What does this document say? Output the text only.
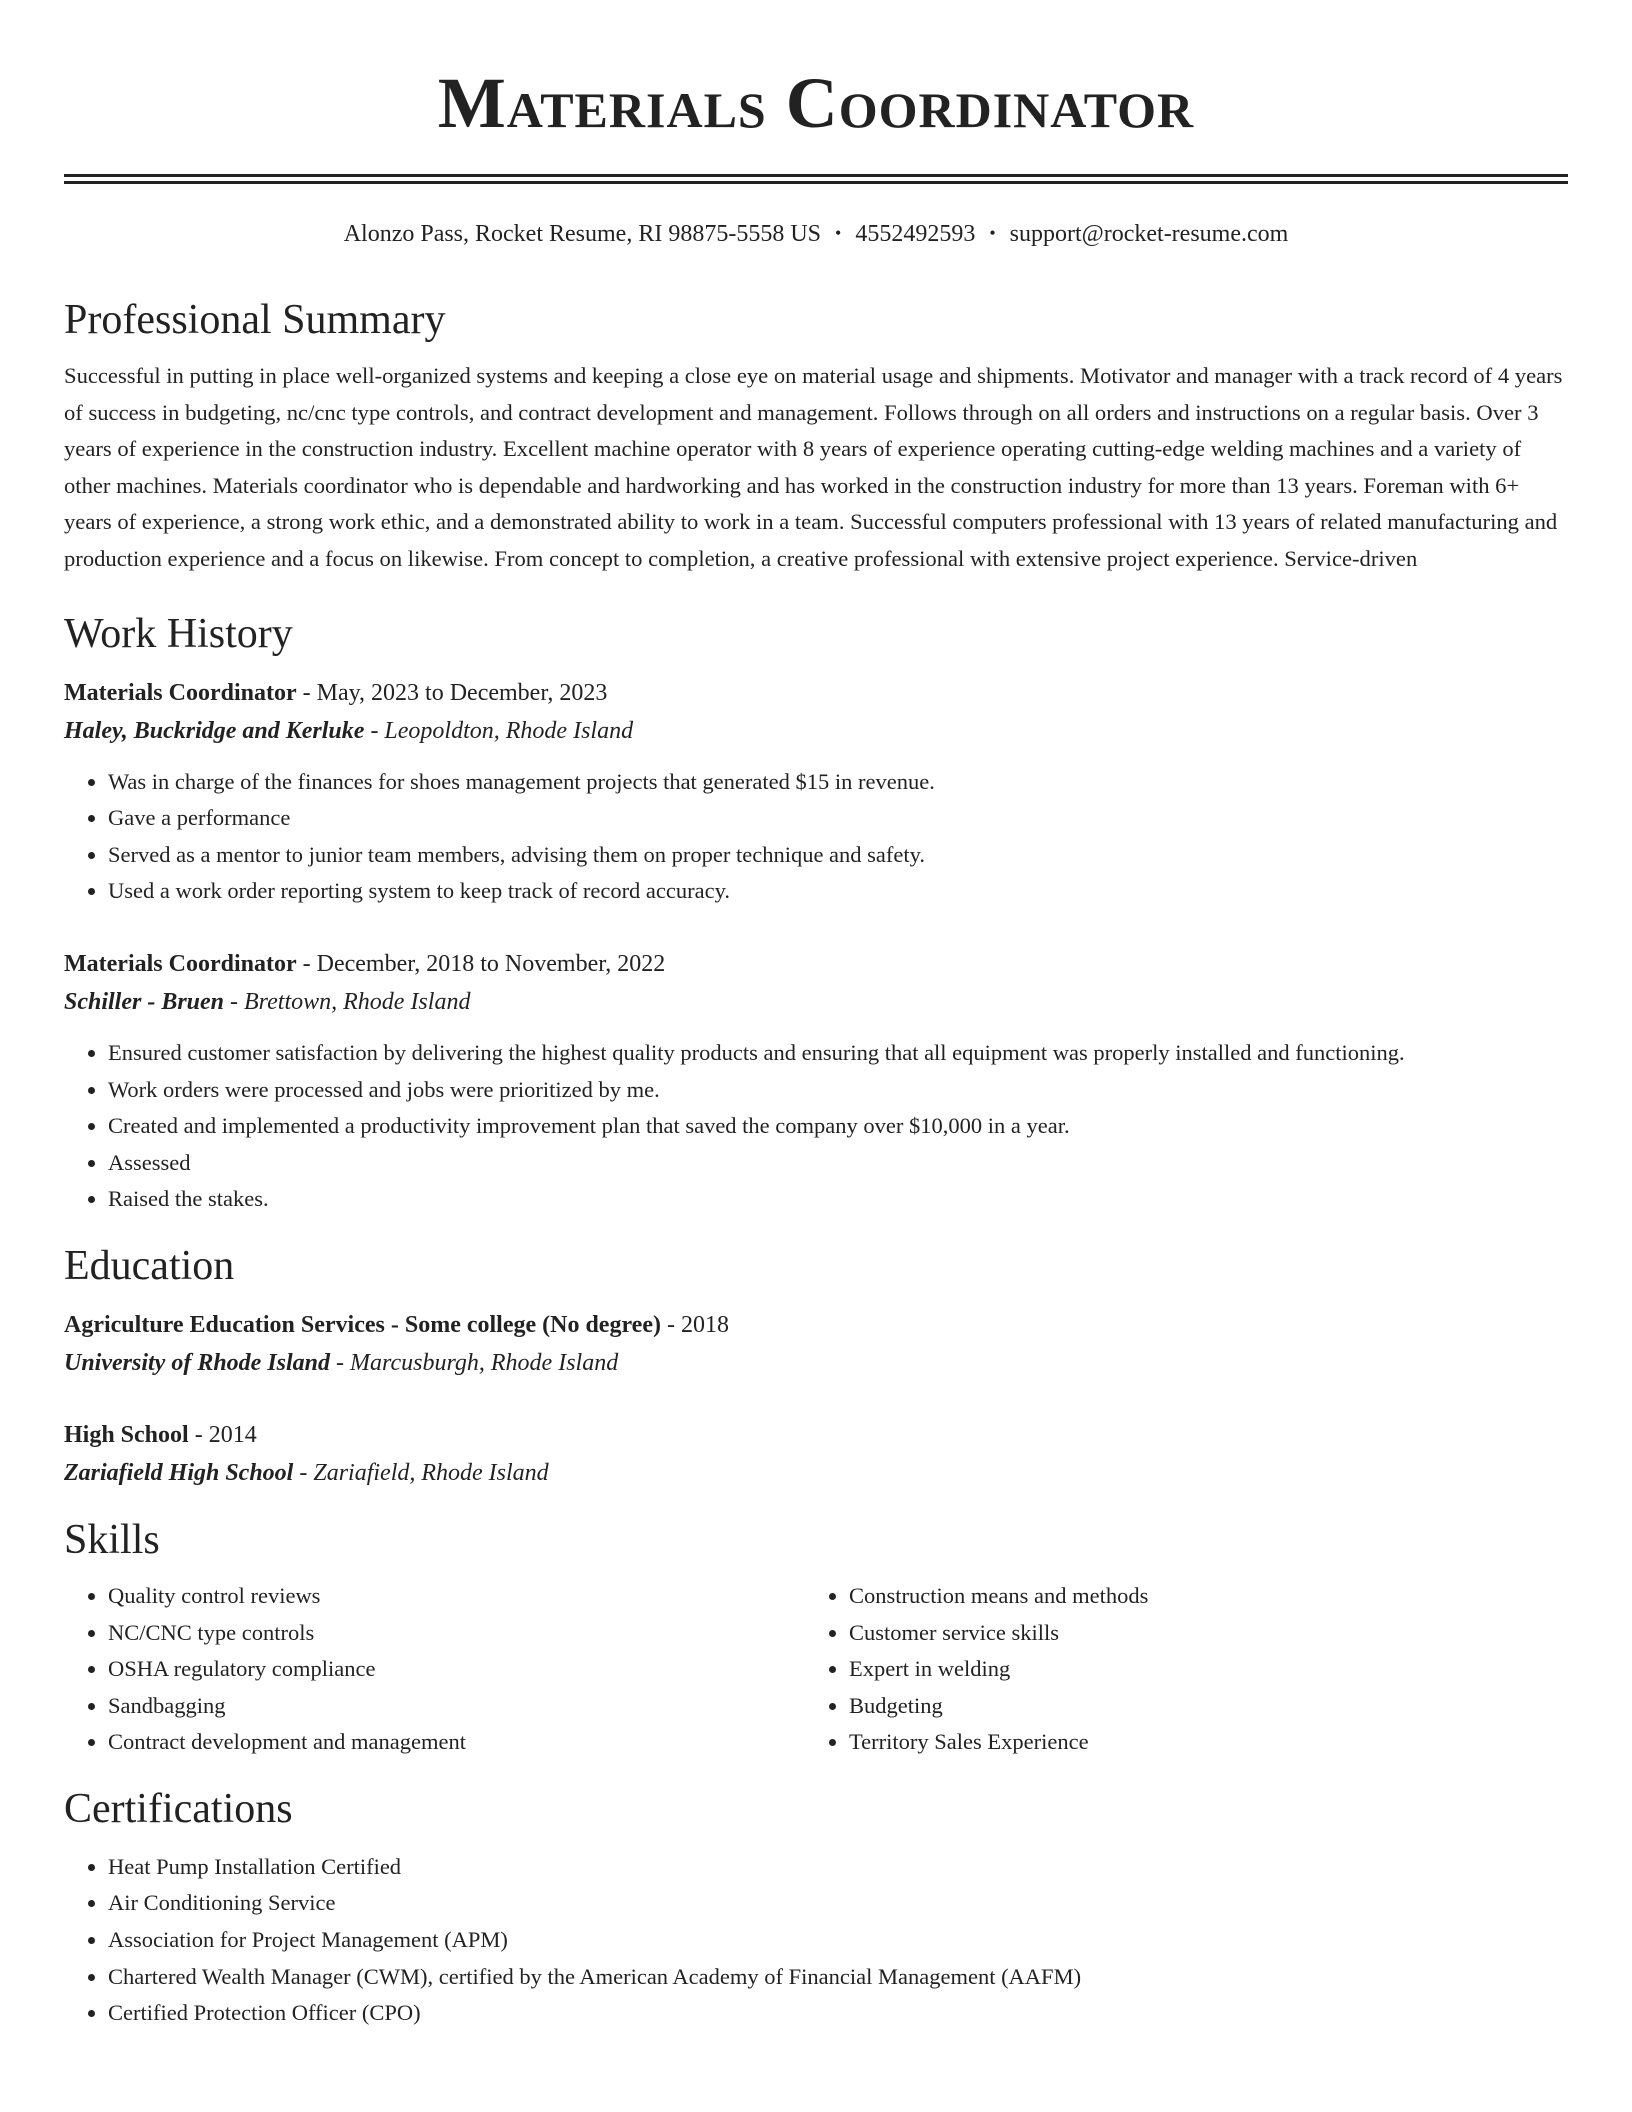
Materials Coordinator
Alonzo Pass, Rocket Resume, RI 98875-5558 US • 4552492593 • support@rocket-resume.com
Professional Summary

Successful in putting in place well-organized systems and keeping a close eye on material usage and shipments. Motivator and manager with a track record of 4 years of success in budgeting, nc/cnc type controls, and contract development and management. Follows through on all orders and instructions on a regular basis. Over 3 years of experience in the construction industry. Excellent machine operator with 8 years of experience operating cutting-edge welding machines and a variety of other machines. Materials coordinator who is dependable and hardworking and has worked in the construction industry for more than 13 years. Foreman with 6+ years of experience, a strong work ethic, and a demonstrated ability to work in a team. Successful computers professional with 13 years of related manufacturing and production experience and a focus on likewise. From concept to completion, a creative professional with extensive project experience. Service-driven

Work History
Materials Coordinator - May, 2023 to December, 2023
Haley, Buckridge and Kerluke - Leopoldton, Rhode Island
• Was in charge of the finances for shoes management projects that generated $15 in revenue.
• Gave a performance
• Served as a mentor to junior team members, advising them on proper technique and safety.
• Used a work order reporting system to keep track of record accuracy.
Materials Coordinator - December, 2018 to November, 2022
Schiller - Bruen - Brettown, Rhode Island
• Ensured customer satisfaction by delivering the highest quality products and ensuring that all equipment was properly installed and functioning.
• Work orders were processed and jobs were prioritized by me.
• Created and implemented a productivity improvement plan that saved the company over $10,000 in a year.
• Assessed
• Raised the stakes.
Education
Agriculture Education Services - Some college (No degree) - 2018
University of Rhode Island - Marcusburgh, Rhode Island
High School - 2014
Zariafield High School - Zariafield, Rhode Island
Skills
• Quality control reviews
• NC/CNC type controls
• OSHA regulatory compliance
• Sandbagging
• Contract development and management
• Construction means and methods
• Customer service skills
• Expert in welding
• Budgeting
• Territory Sales Experience
Certifications
• Heat Pump Installation Certified
• Air Conditioning Service
• Association for Project Management (APM)
• Chartered Wealth Manager (CWM), certified by the American Academy of Financial Management (AAFM)
• Certified Protection Officer (CPO)
